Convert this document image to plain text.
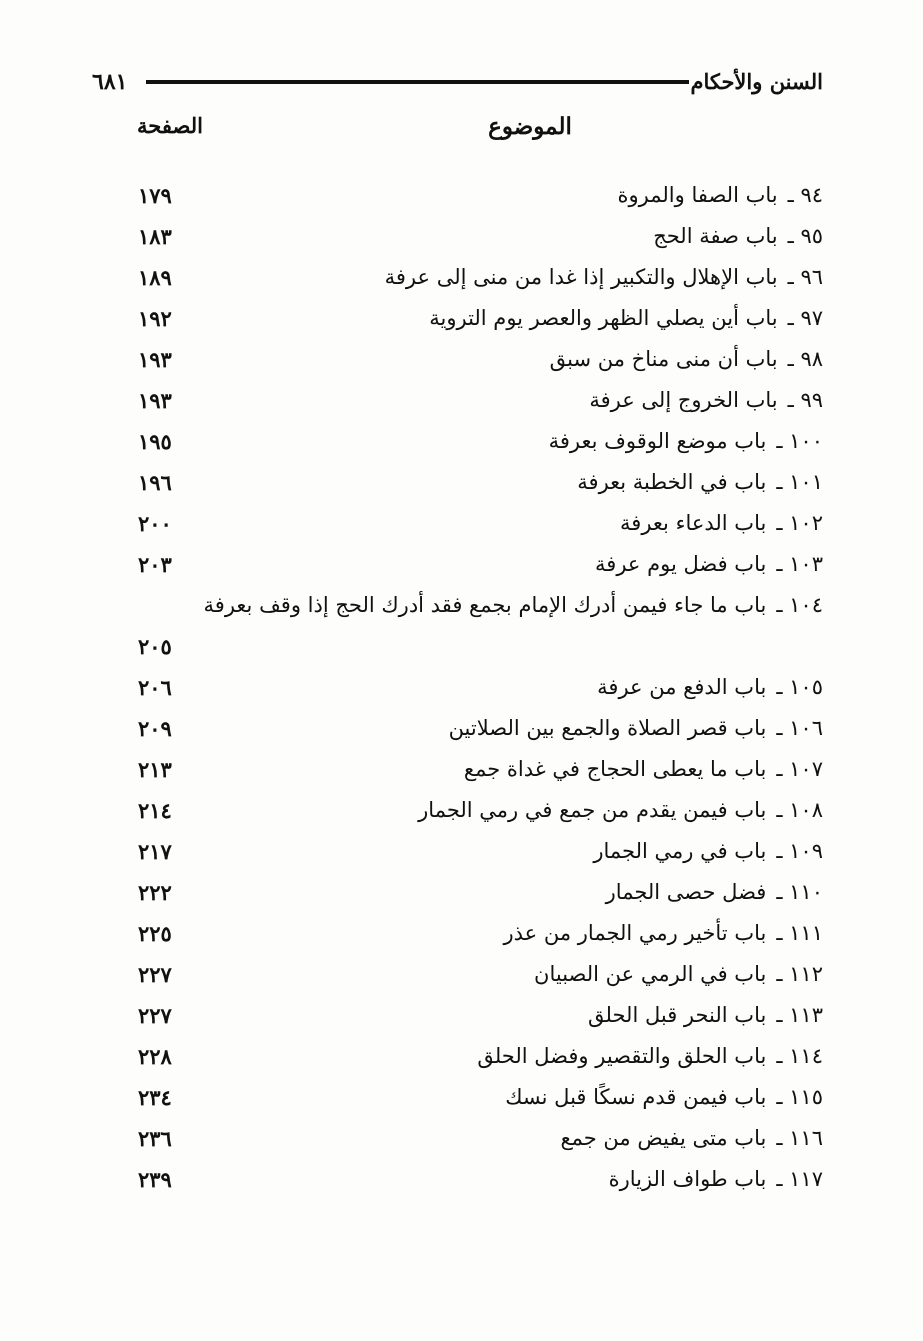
السنن والأحكام
٦٨١
الموضوع
الصفحة
٩٤ ـ
باب الصفا والمروة
١٧٩
٩٥ ـ
باب صفة الحج
١٨٣
٩٦ ـ
باب الإهلال والتكبير إذا غدا من منى إلى عرفة
١٨٩
٩٧ ـ
باب أين يصلي الظهر والعصر يوم التروية
١٩٢
٩٨ ـ
باب أن منى مناخ من سبق
١٩٣
٩٩ ـ
باب الخروج إلى عرفة
١٩٣
١٠٠ ـ
باب موضع الوقوف بعرفة
١٩٥
١٠١ ـ
باب في الخطبة بعرفة
١٩٦
١٠٢ ـ
باب الدعاء بعرفة
٢٠٠
١٠٣ ـ
باب فضل يوم عرفة
٢٠٣
١٠٤ ـ
باب ما جاء فيمن أدرك الإمام بجمع فقد أدرك الحج إذا وقف بعرفة
٢٠٥
١٠٥ ـ
باب الدفع من عرفة
٢٠٦
١٠٦ ـ
باب قصر الصلاة والجمع بين الصلاتين
٢٠٩
١٠٧ ـ
باب ما يعطى الحجاج في غداة جمع
٢١٣
١٠٨ ـ
باب فيمن يقدم من جمع في رمي الجمار
٢١٤
١٠٩ ـ
باب في رمي الجمار
٢١٧
١١٠ ـ
فضل حصى الجمار
٢٢٢
١١١ ـ
باب تأخير رمي الجمار من عذر
٢٢٥
١١٢ ـ
باب في الرمي عن الصبيان
٢٢٧
١١٣ ـ
باب النحر قبل الحلق
٢٢٧
١١٤ ـ
باب الحلق والتقصير وفضل الحلق
٢٢٨
١١٥ ـ
باب فيمن قدم نسكًا قبل نسك
٢٣٤
١١٦ ـ
باب متى يفيض من جمع
٢٣٦
١١٧ ـ
باب طواف الزيارة
٢٣٩
